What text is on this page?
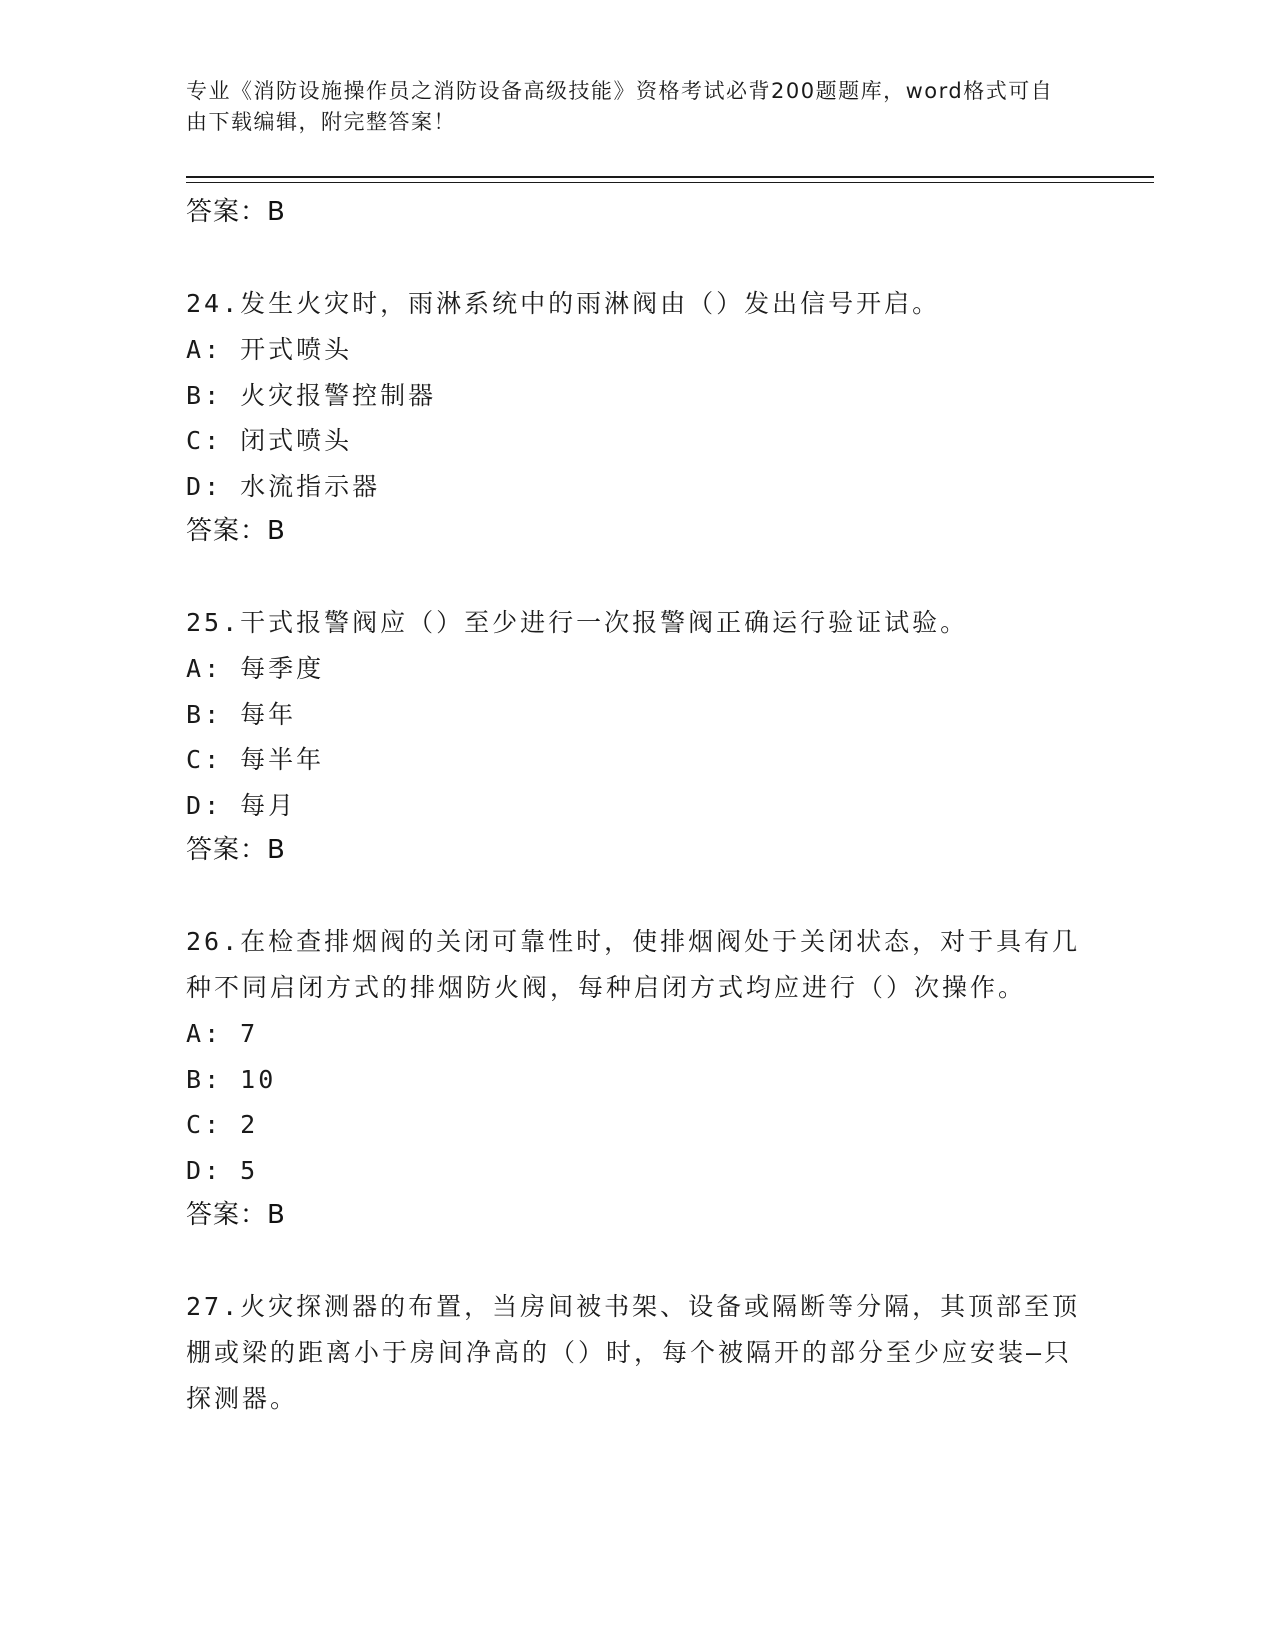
专业《消防设施操作员之消防设备高级技能》资格考试必背200题题库，word格式可自由下载编辑，附完整答案！
答案：B

24.发生火灾时，雨淋系统中的雨淋阀由（）发出信号开启。

A: 开式喷头
B: 火灾报警控制器
C: 闭式喷头
D: 水流指示器
答案：B

25.干式报警阀应（）至少进行一次报警阀正确运行验证试验。

A: 每季度
B: 每年
C: 每半年
D: 每月
答案：B

26.在检查排烟阀的关闭可靠性时，使排烟阀处于关闭状态，对于具有几种不同启闭方式的排烟防火阀，每种启闭方式均应进行（）次操作。

A: 7
B: 10
C: 2
D: 5
答案：B

27.火灾探测器的布置，当房间被书架、设备或隔断等分隔，其顶部至顶棚或梁的距离小于房间净高的（）时，每个被隔开的部分至少应安装—只探测器。
